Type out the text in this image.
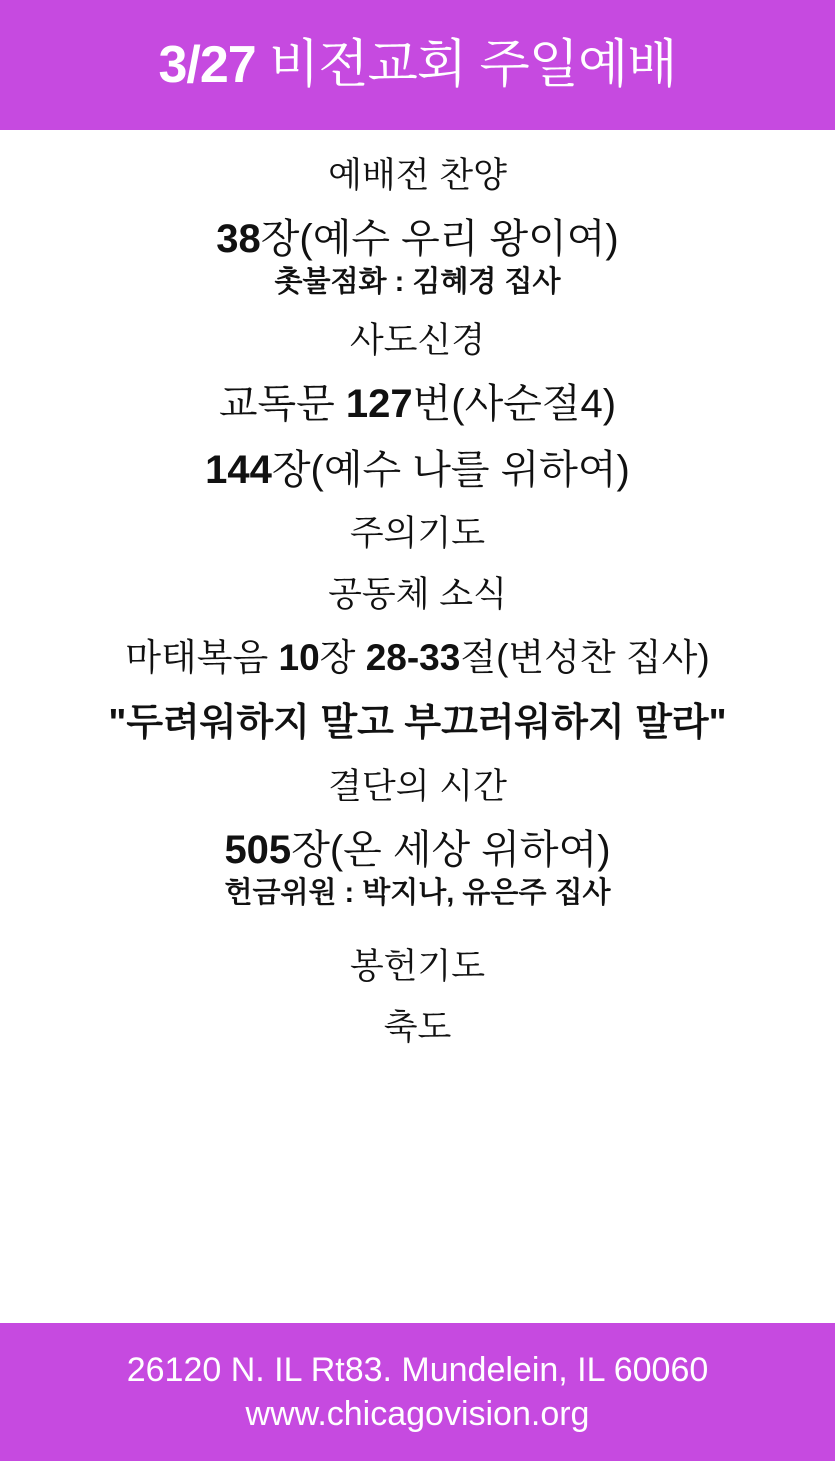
3/27 비전교회 주일예배
예배전 찬양
38장(예수 우리 왕이여)
촛불점화 : 김혜경 집사
사도신경
교독문 127번(사순절4)
144장(예수 나를 위하여)
주의기도
공동체 소식
마태복음 10장 28-33절(변성찬 집사)
"두려워하지 말고 부끄러워하지 말라"
결단의 시간
505장(온 세상 위하여)
헌금위원 : 박지나, 유은주 집사
봉헌기도
축도
26120 N. IL Rt83. Mundelein, IL 60060
www.chicagovision.org
